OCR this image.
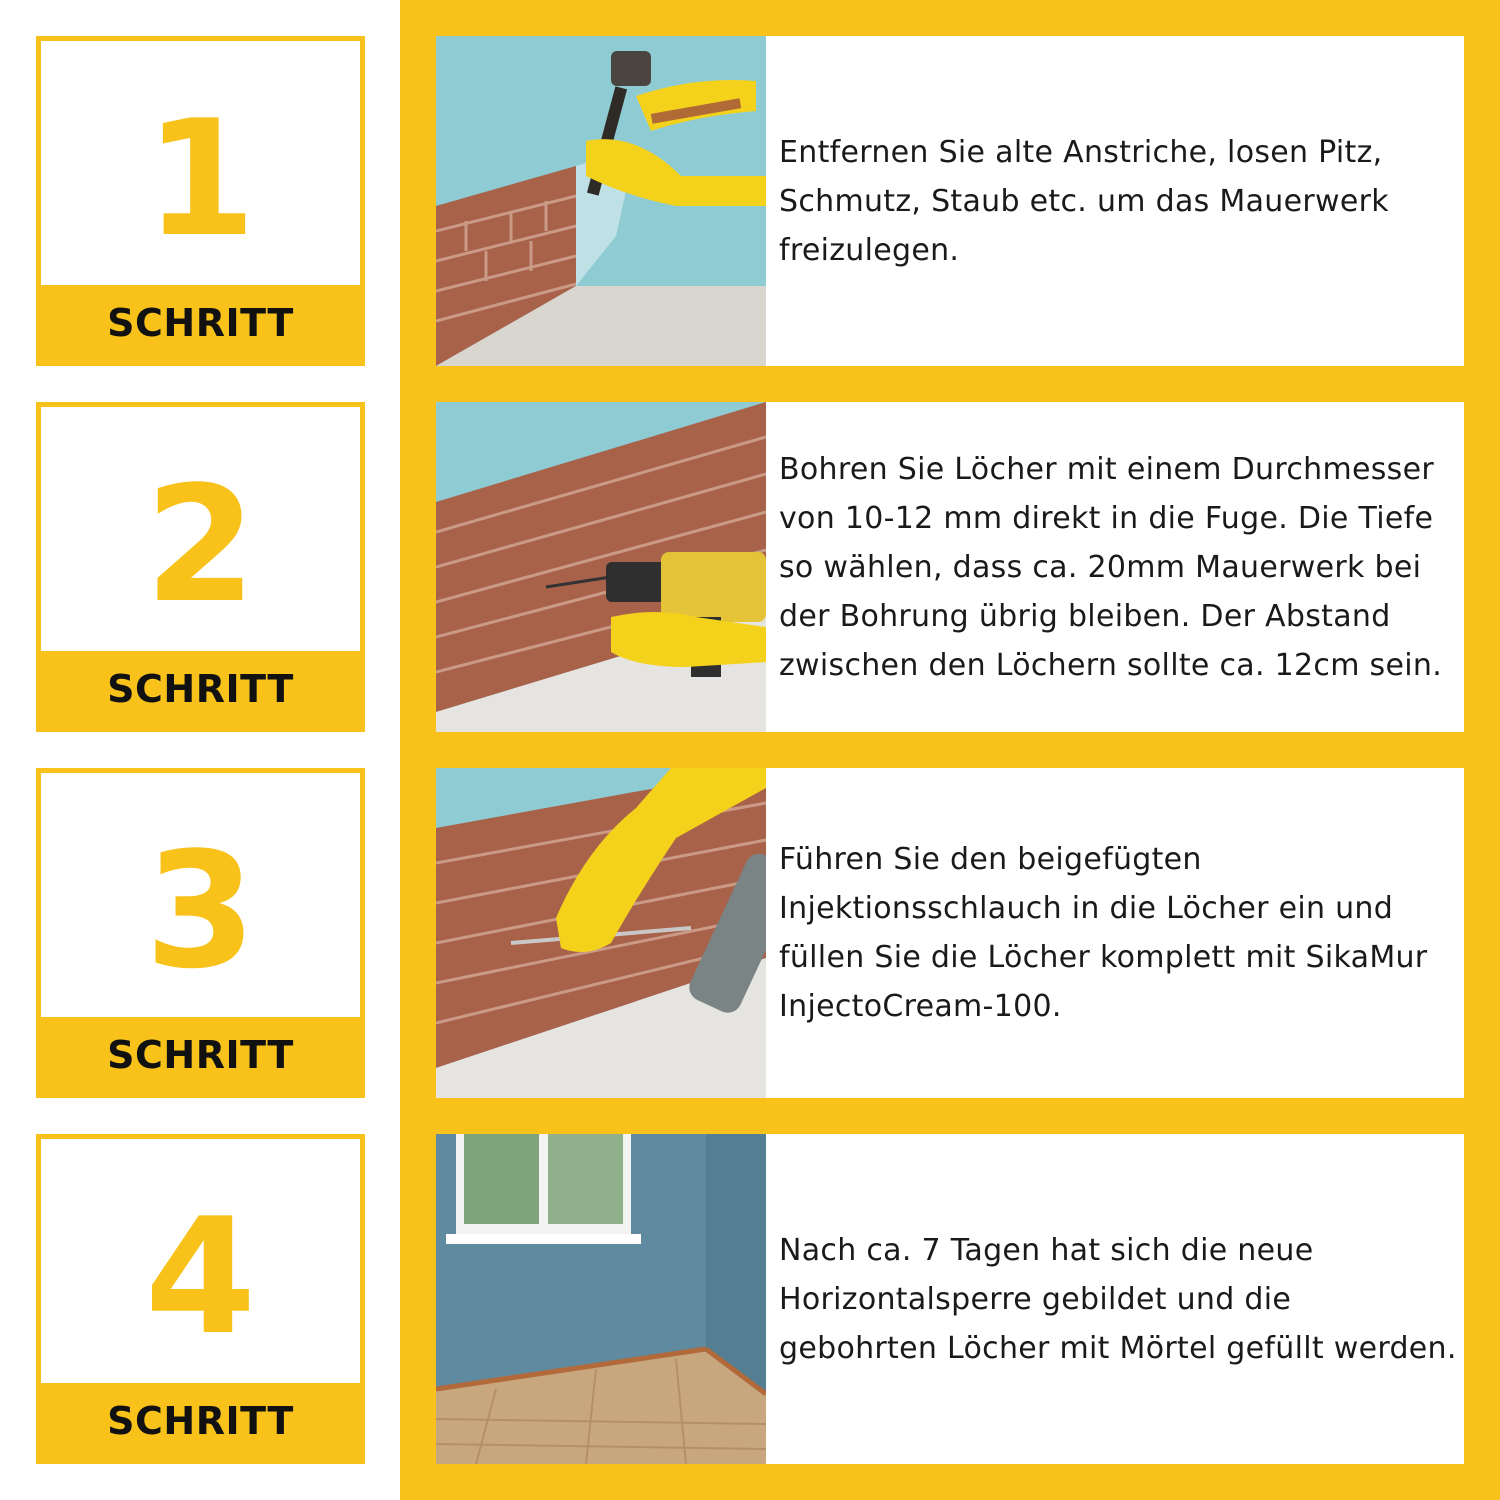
1
SCHRITT
Entfernen Sie alte Anstriche, losen Pitz, Schmutz, Staub etc. um das Mauerwerk freizulegen.
2
SCHRITT
Bohren Sie Löcher mit einem Durchmesser von 10-12 mm direkt in die Fuge. Die Tiefe so wählen, dass ca. 20mm Mauerwerk bei der Bohrung übrig bleiben. Der Abstand zwischen den Löchern sollte ca. 12cm sein.
3
SCHRITT
Führen Sie den beigefügten Injektionsschlauch in die Löcher ein und füllen Sie die Löcher komplett mit SikaMur InjectoCream-100.
4
SCHRITT
Nach ca. 7 Tagen hat sich die neue Horizontalsperre gebildet und die gebohrten Löcher mit Mörtel gefüllt werden.
